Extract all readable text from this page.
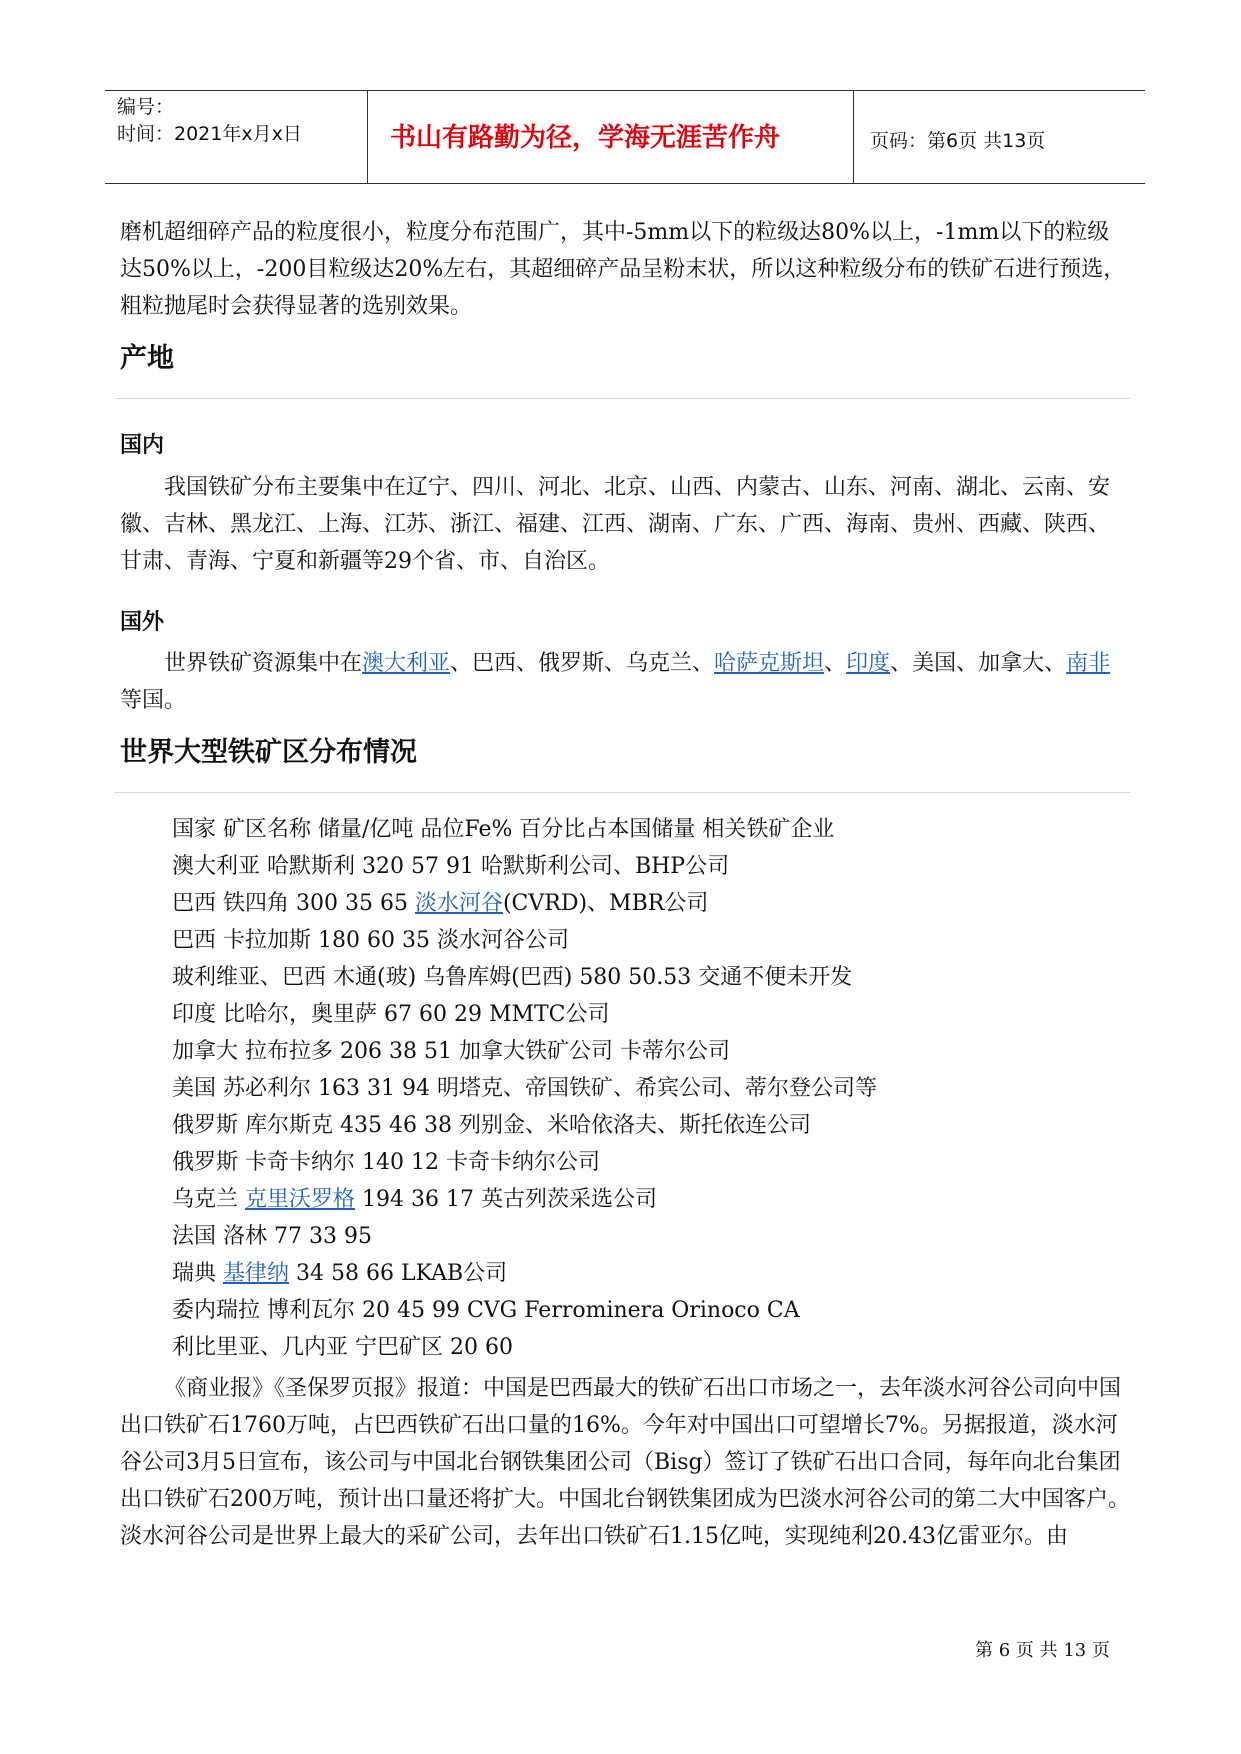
编号：
时间：2021年x月x日	书山有路勤为径，学海无涯苦作舟	页码：第6页 共13页

磨机超细碎产品的粒度很小，粒度分布范围广，其中-5mm以下的粒级达80%以上，-1mm以下的粒级达50%以上，-200目粒级达20%左右，其超细碎产品呈粉末状，所以这种粒级分布的铁矿石进行预选，粗粒抛尾时会获得显著的选别效果。

产地
国内

我国铁矿分布主要集中在辽宁、四川、河北、北京、山西、内蒙古、山东、河南、湖北、云南、安徽、吉林、黑龙江、上海、江苏、浙江、福建、江西、湖南、广东、广西、海南、贵州、西藏、陕西、甘肃、青海、宁夏和新疆等29个省、市、自治区。

国外

世界铁矿资源集中在澳大利亚、巴西、俄罗斯、乌克兰、哈萨克斯坦、印度、美国、加拿大、南非等国。

世界大型铁矿区分布情况
国家 矿区名称 储量/亿吨 品位Fe% 百分比占本国储量 相关铁矿企业
澳大利亚 哈默斯利 320 57 91 哈默斯利公司、BHP公司
巴西 铁四角 300 35 65 淡水河谷(CVRD)、MBR公司
巴西 卡拉加斯 180 60 35 淡水河谷公司
玻利维亚、巴西 木通(玻) 乌鲁库姆(巴西) 580 50.53 交通不便未开发
印度 比哈尔，奥里萨 67 60 29 MMTC公司
加拿大 拉布拉多 206 38 51 加拿大铁矿公司 卡蒂尔公司
美国 苏必利尔 163 31 94 明塔克、帝国铁矿、希宾公司、蒂尔登公司等
俄罗斯 库尔斯克 435 46 38 列别金、米哈依洛夫、斯托依连公司
俄罗斯 卡奇卡纳尔 140 12 卡奇卡纳尔公司
乌克兰 克里沃罗格 194 36 17 英古列茨采选公司
法国 洛林 77 33 95
瑞典 基律纳 34 58 66 LKAB公司
委内瑞拉 博利瓦尔 20 45 99 CVG Ferrominera Orinoco CA
利比里亚、几内亚 宁巴矿区 20 60

《商业报》《圣保罗页报》报道：中国是巴西最大的铁矿石出口市场之一，去年淡水河谷公司向中国出口铁矿石1760万吨，占巴西铁矿石出口量的16%。今年对中国出口可望增长7%。另据报道，淡水河谷公司3月5日宣布，该公司与中国北台钢铁集团公司（Bisg）签订了铁矿石出口合同，每年向北台集团出口铁矿石200万吨，预计出口量还将扩大。中国北台钢铁集团成为巴淡水河谷公司的第二大中国客户。淡水河谷公司是世界上最大的采矿公司，去年出口铁矿石1.15亿吨，实现纯利20.43亿雷亚尔。由

第 6 页 共 13 页
